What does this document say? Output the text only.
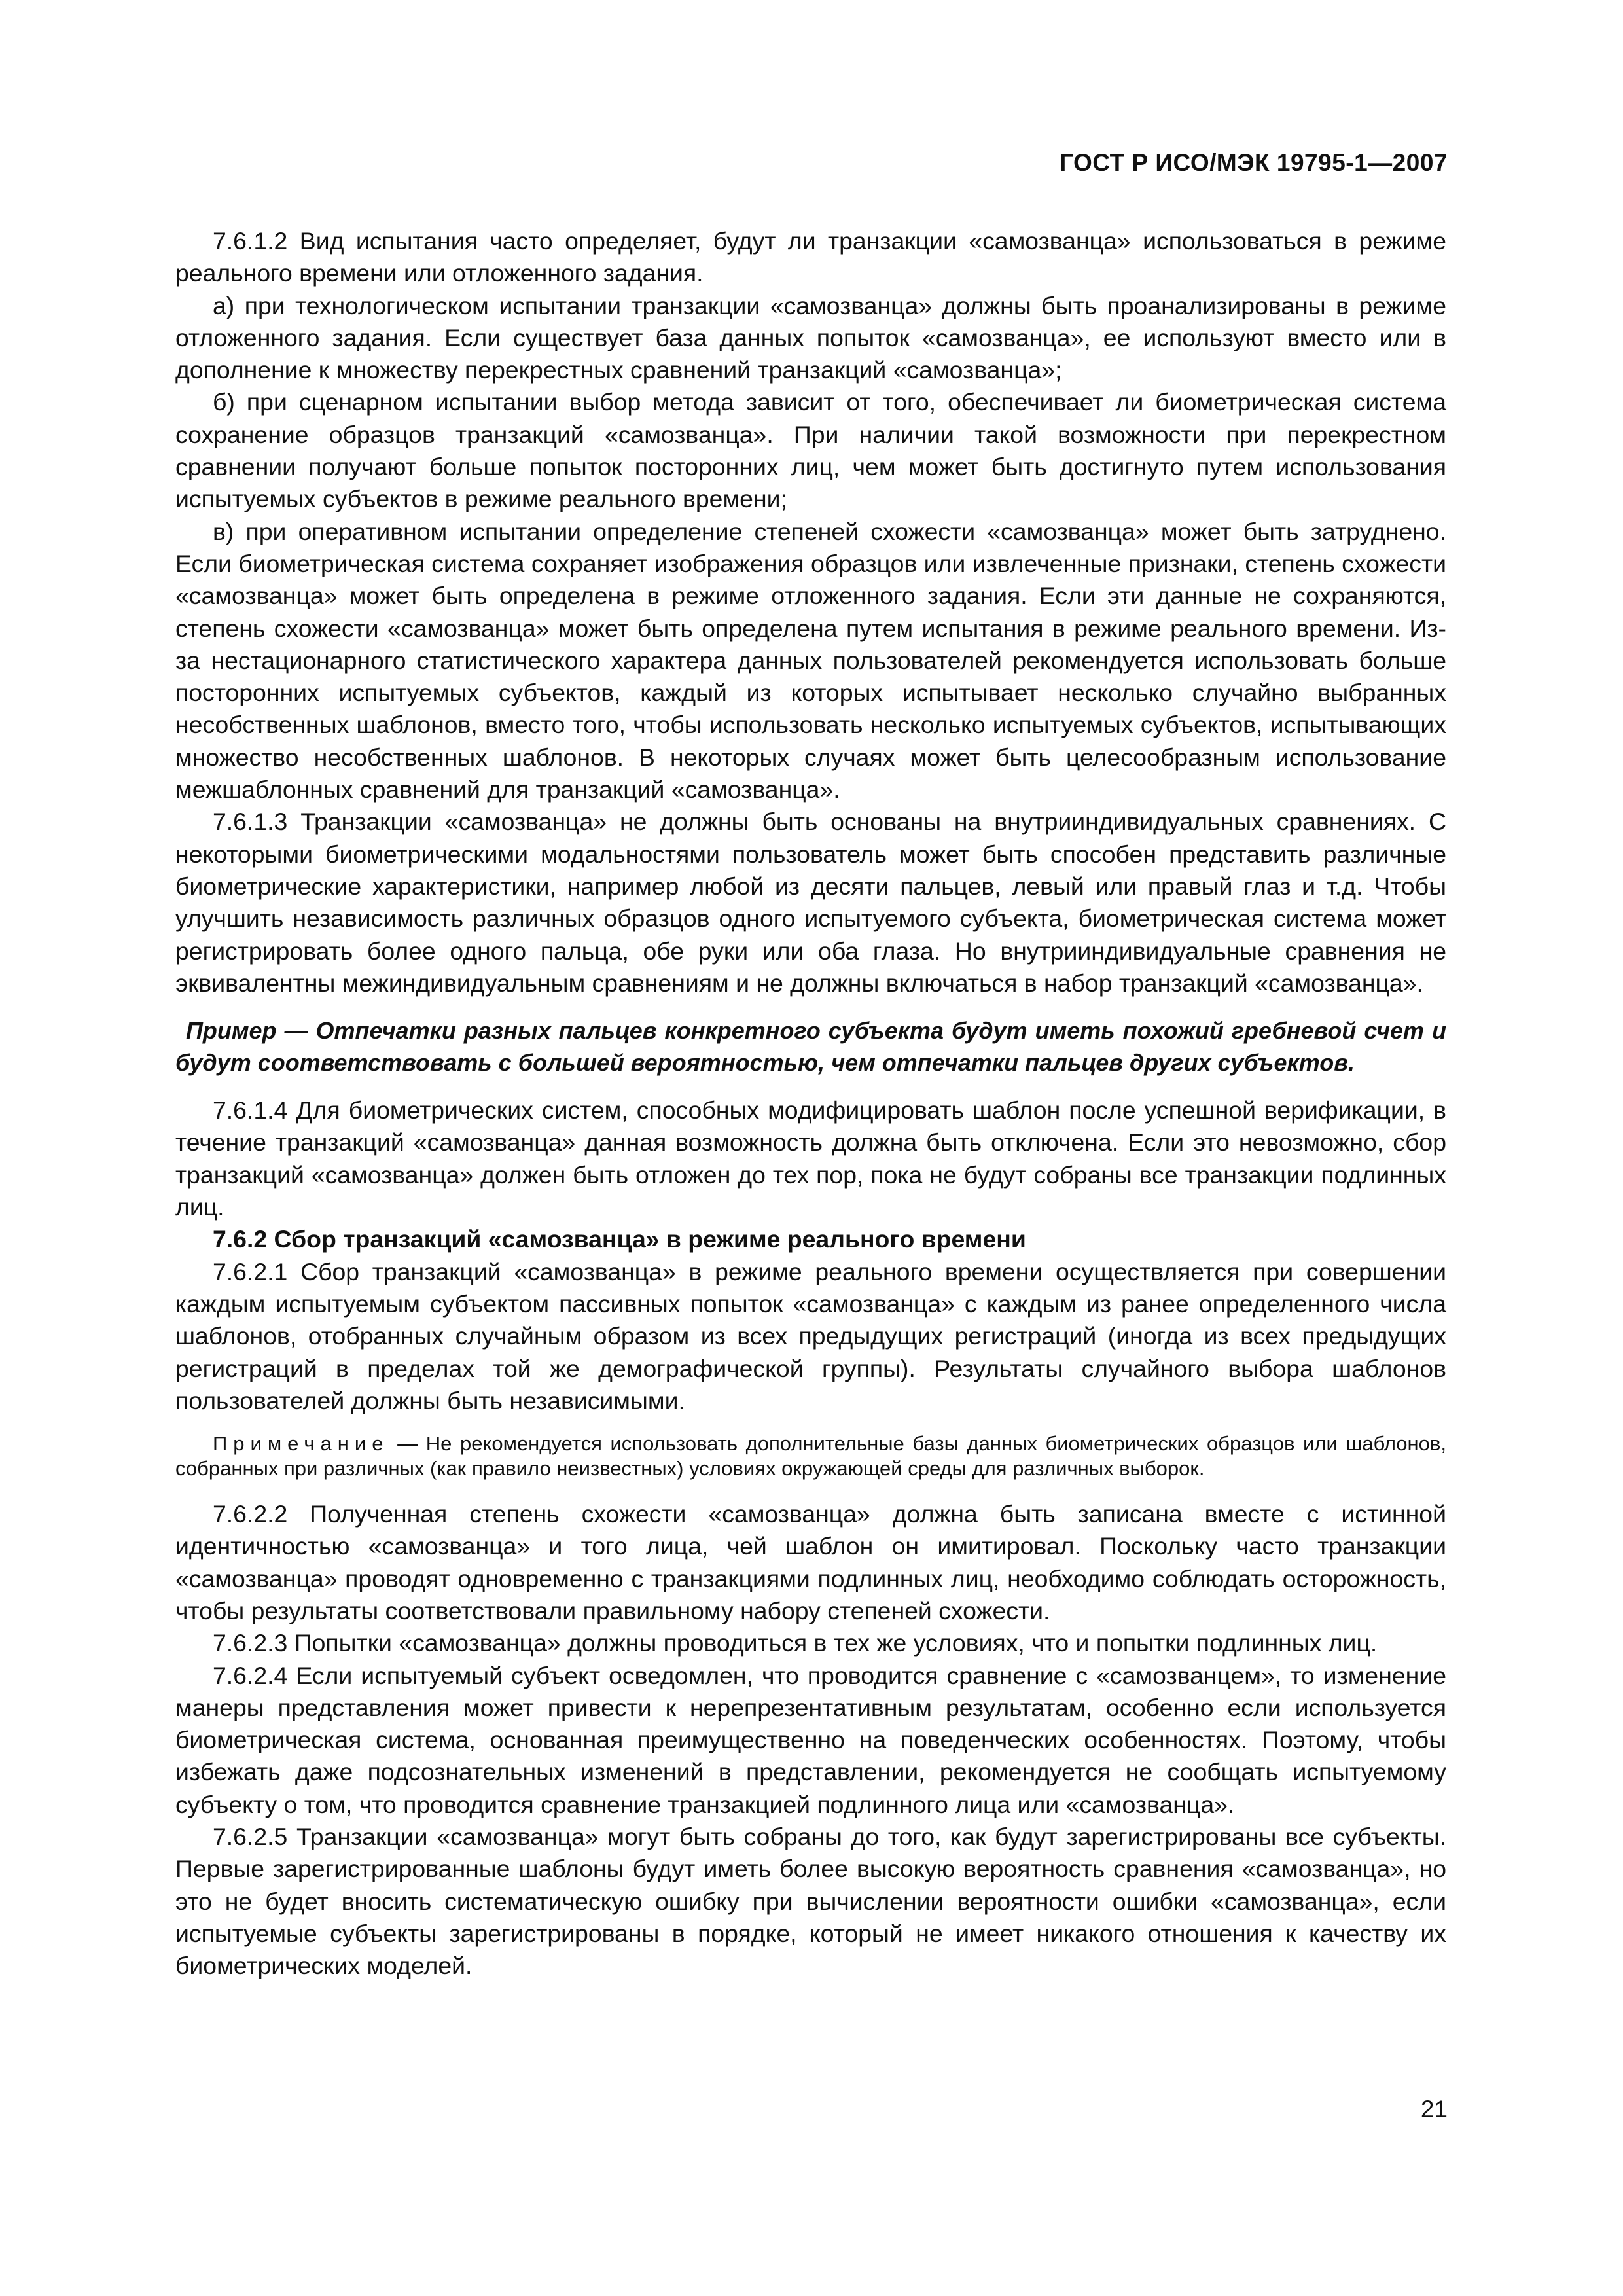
ГОСТ Р ИСО/МЭК 19795-1—2007

7.6.1.2 Вид испытания часто определяет, будут ли транзакции «самозванца» использоваться в режиме реального времени или отложенного задания.

а) при технологическом испытании транзакции «самозванца» должны быть проанализированы в режиме отложенного задания. Если существует база данных попыток «самозванца», ее используют вместо или в дополнение к множеству перекрестных сравнений транзакций «самозванца»;

б) при сценарном испытании выбор метода зависит от того, обеспечивает ли биометрическая система сохранение образцов транзакций «самозванца». При наличии такой возможности при перекрестном сравнении получают больше попыток посторонних лиц, чем может быть достигнуто путем использования испытуемых субъектов в режиме реального времени;

в) при оперативном испытании определение степеней схожести «самозванца» может быть затруднено. Если биометрическая система сохраняет изображения образцов или извлеченные признаки, степень схожести «самозванца» может быть определена в режиме отложенного задания. Если эти данные не сохраняются, степень схожести «самозванца» может быть определена путем испытания в режиме реального времени. Из-за нестационарного статистического характера данных пользователей рекомендуется использовать больше посторонних испытуемых субъектов, каждый из которых испытывает несколько случайно выбранных несобственных шаблонов, вместо того, чтобы использовать несколько испытуемых субъектов, испытывающих множество несобственных шаблонов. В некоторых случаях может быть целесообразным использование межшаблонных сравнений для транзакций «самозванца».

7.6.1.3 Транзакции «самозванца» не должны быть основаны на внутрииндивидуальных сравнениях. С некоторыми биометрическими модальностями пользователь может быть способен представить различные биометрические характеристики, например любой из десяти пальцев, левый или правый глаз и т.д. Чтобы улучшить независимость различных образцов одного испытуемого субъекта, биометрическая система может регистрировать более одного пальца, обе руки или оба глаза. Но внутрииндивидуальные сравнения не эквивалентны межиндивидуальным сравнениям и не должны включаться в набор транзакций «самозванца».

Пример — Отпечатки разных пальцев конкретного субъекта будут иметь похожий гребневой счет и будут соответствовать с большей вероятностью, чем отпечатки пальцев других субъектов.

7.6.1.4 Для биометрических систем, способных модифицировать шаблон после успешной верификации, в течение транзакций «самозванца» данная возможность должна быть отключена. Если это невозможно, сбор транзакций «самозванца» должен быть отложен до тех пор, пока не будут собраны все транзакции подлинных лиц.

7.6.2 Сбор транзакций «самозванца» в режиме реального времени

7.6.2.1 Сбор транзакций «самозванца» в режиме реального времени осуществляется при совершении каждым испытуемым субъектом пассивных попыток «самозванца» с каждым из ранее определенного числа шаблонов, отобранных случайным образом из всех предыдущих регистраций (иногда из всех предыдущих регистраций в пределах той же демографической группы). Результаты случайного выбора шаблонов пользователей должны быть независимыми.

Примечание — Не рекомендуется использовать дополнительные базы данных биометрических образцов или шаблонов, собранных при различных (как правило неизвестных) условиях окружающей среды для различных выборок.

7.6.2.2 Полученная степень схожести «самозванца» должна быть записана вместе с истинной идентичностью «самозванца» и того лица, чей шаблон он имитировал. Поскольку часто транзакции «самозванца» проводят одновременно с транзакциями подлинных лиц, необходимо соблюдать осторожность, чтобы результаты соответствовали правильному набору степеней схожести.

7.6.2.3 Попытки «самозванца» должны проводиться в тех же условиях, что и попытки подлинных лиц.

7.6.2.4 Если испытуемый субъект осведомлен, что проводится сравнение с «самозванцем», то изменение манеры представления может привести к нерепрезентативным результатам, особенно если используется биометрическая система, основанная преимущественно на поведенческих особенностях. Поэтому, чтобы избежать даже подсознательных изменений в представлении, рекомендуется не сообщать испытуемому субъекту о том, что проводится сравнение транзакцией подлинного лица или «самозванца».

7.6.2.5 Транзакции «самозванца» могут быть собраны до того, как будут зарегистрированы все субъекты. Первые зарегистрированные шаблоны будут иметь более высокую вероятность сравнения «самозванца», но это не будет вносить систематическую ошибку при вычислении вероятности ошибки «самозванца», если испытуемые субъекты зарегистрированы в порядке, который не имеет никакого отношения к качеству их биометрических моделей.

21
